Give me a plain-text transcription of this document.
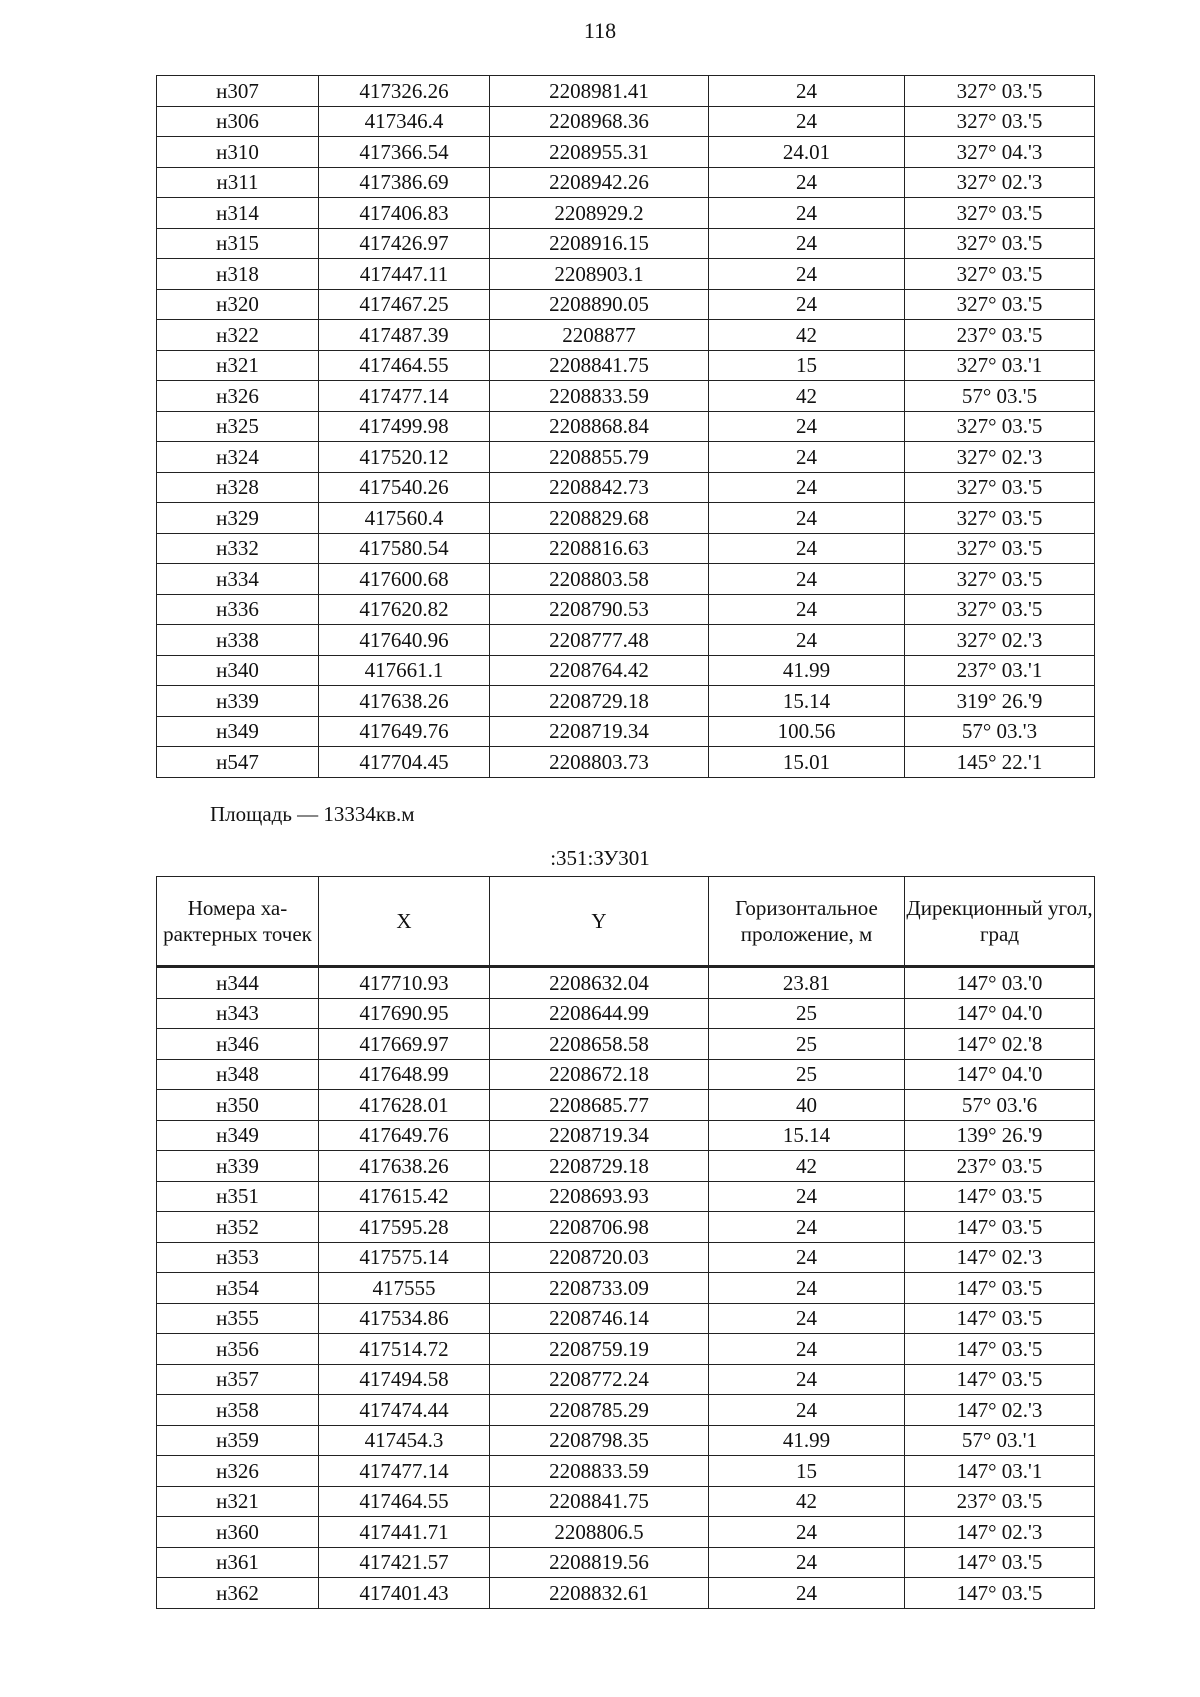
118
н307	417326.26	2208981.41	24	327° 03.'5
н306	417346.4	2208968.36	24	327° 03.'5
н310	417366.54	2208955.31	24.01	327° 04.'3
н311	417386.69	2208942.26	24	327° 02.'3
н314	417406.83	2208929.2	24	327° 03.'5
н315	417426.97	2208916.15	24	327° 03.'5
н318	417447.11	2208903.1	24	327° 03.'5
н320	417467.25	2208890.05	24	327° 03.'5
н322	417487.39	2208877	42	237° 03.'5
н321	417464.55	2208841.75	15	327° 03.'1
н326	417477.14	2208833.59	42	57° 03.'5
н325	417499.98	2208868.84	24	327° 03.'5
н324	417520.12	2208855.79	24	327° 02.'3
н328	417540.26	2208842.73	24	327° 03.'5
н329	417560.4	2208829.68	24	327° 03.'5
н332	417580.54	2208816.63	24	327° 03.'5
н334	417600.68	2208803.58	24	327° 03.'5
н336	417620.82	2208790.53	24	327° 03.'5
н338	417640.96	2208777.48	24	327° 02.'3
н340	417661.1	2208764.42	41.99	237° 03.'1
н339	417638.26	2208729.18	15.14	319° 26.'9
н349	417649.76	2208719.34	100.56	57° 03.'3
н547	417704.45	2208803.73	15.01	145° 22.'1
Площадь — 13334кв.м
:351:ЗУ301
Номера ха-рактерных точек	X	Y	Горизонтальное проложение, м	Дирекционный угол, град
н344	417710.93	2208632.04	23.81	147° 03.'0
н343	417690.95	2208644.99	25	147° 04.'0
н346	417669.97	2208658.58	25	147° 02.'8
н348	417648.99	2208672.18	25	147° 04.'0
н350	417628.01	2208685.77	40	57° 03.'6
н349	417649.76	2208719.34	15.14	139° 26.'9
н339	417638.26	2208729.18	42	237° 03.'5
н351	417615.42	2208693.93	24	147° 03.'5
н352	417595.28	2208706.98	24	147° 03.'5
н353	417575.14	2208720.03	24	147° 02.'3
н354	417555	2208733.09	24	147° 03.'5
н355	417534.86	2208746.14	24	147° 03.'5
н356	417514.72	2208759.19	24	147° 03.'5
н357	417494.58	2208772.24	24	147° 03.'5
н358	417474.44	2208785.29	24	147° 02.'3
н359	417454.3	2208798.35	41.99	57° 03.'1
н326	417477.14	2208833.59	15	147° 03.'1
н321	417464.55	2208841.75	42	237° 03.'5
н360	417441.71	2208806.5	24	147° 02.'3
н361	417421.57	2208819.56	24	147° 03.'5
н362	417401.43	2208832.61	24	147° 03.'5
